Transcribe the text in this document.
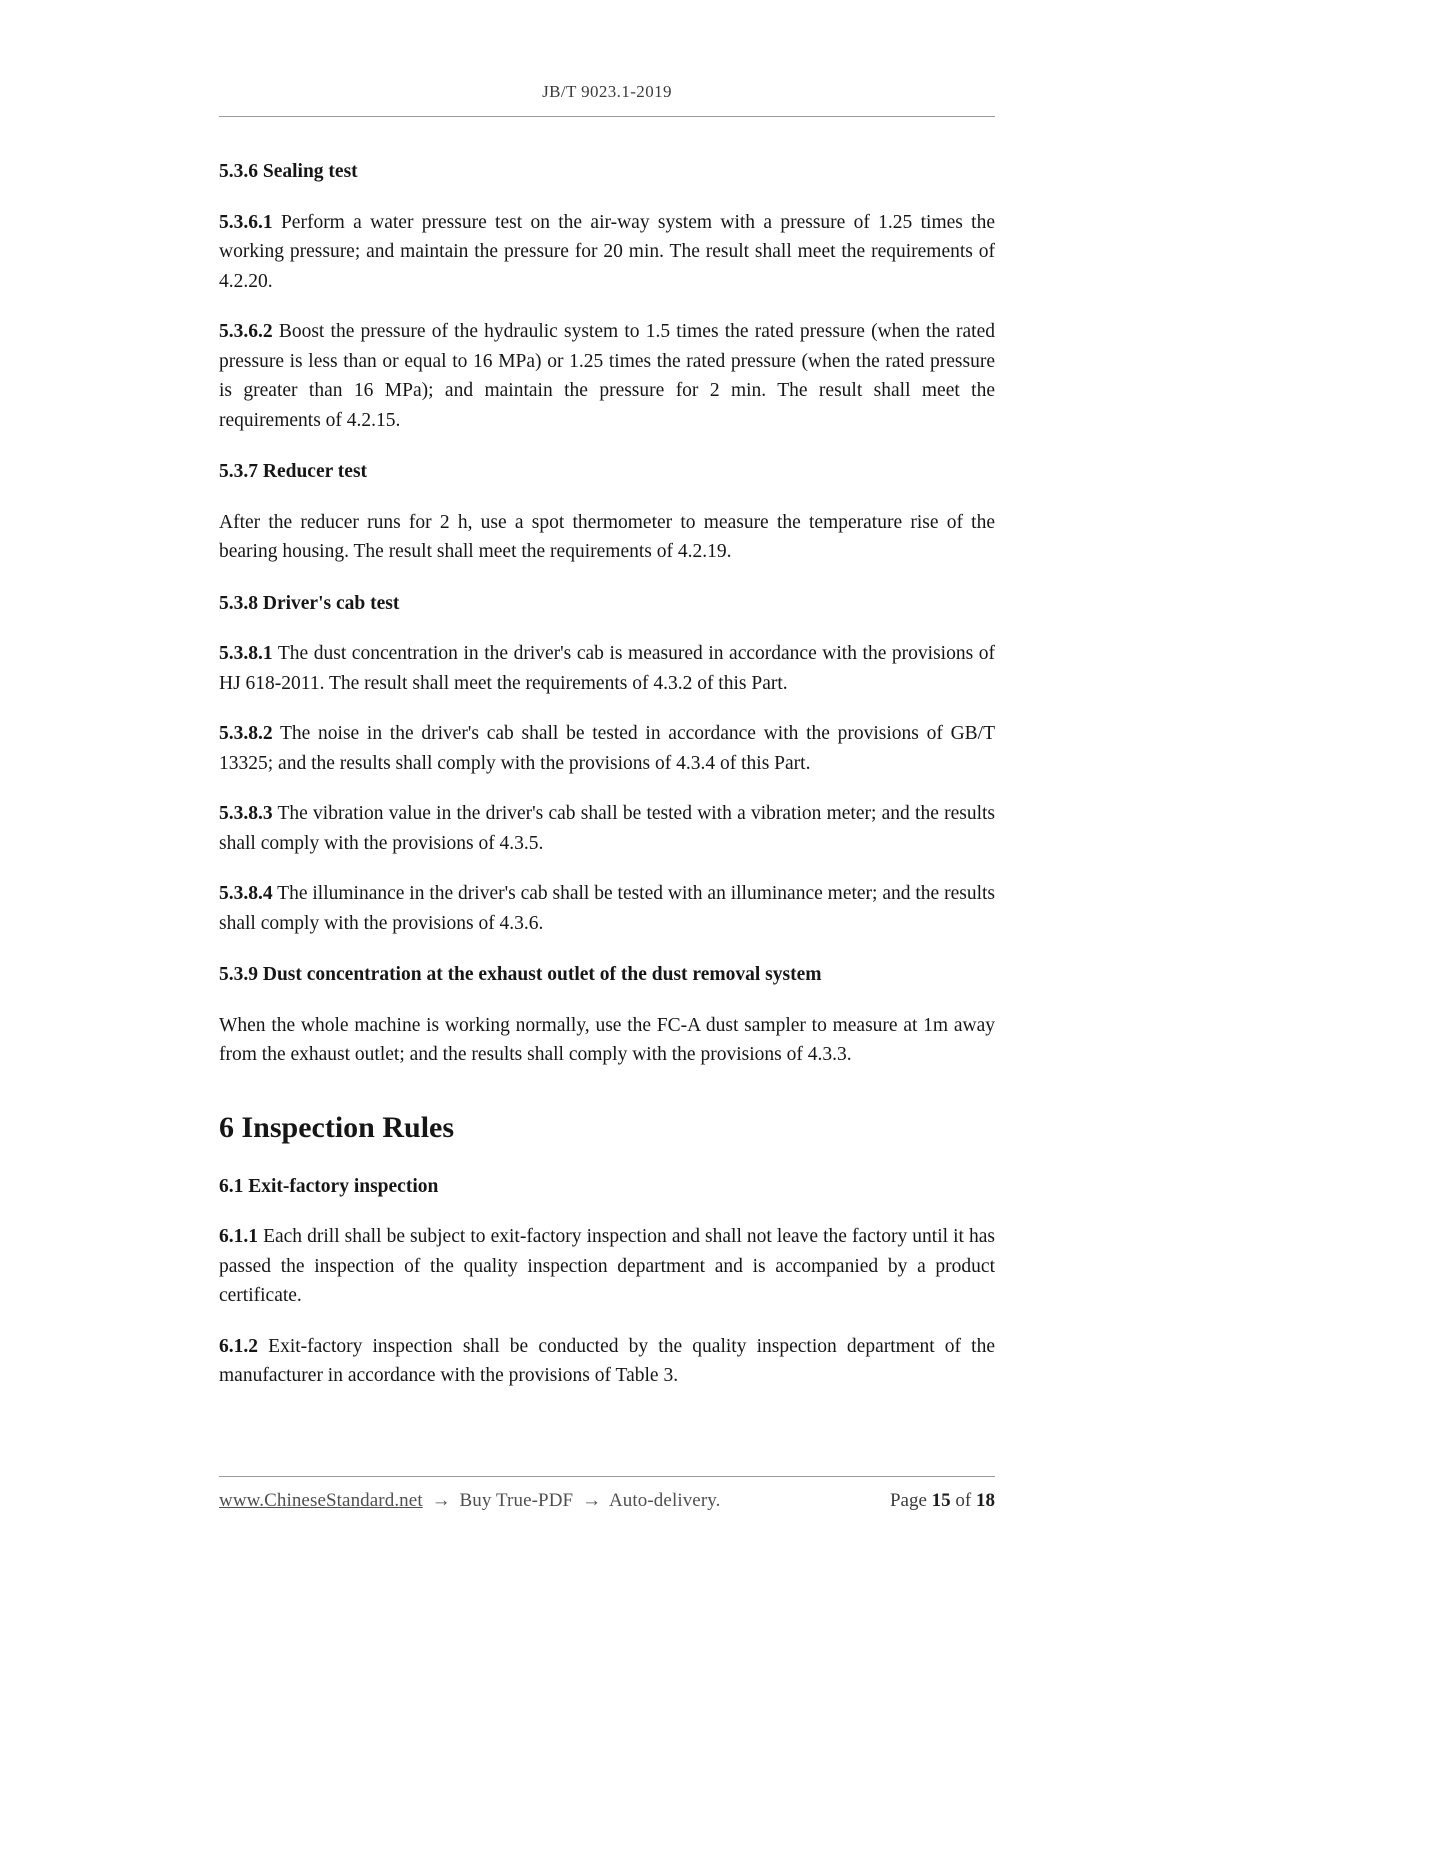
JB/T 9023.1-2019
5.3.6 Sealing test

5.3.6.1 Perform a water pressure test on the air-way system with a pressure of 1.25 times the working pressure; and maintain the pressure for 20 min. The result shall meet the requirements of 4.2.20.

5.3.6.2 Boost the pressure of the hydraulic system to 1.5 times the rated pressure (when the rated pressure is less than or equal to 16 MPa) or 1.25 times the rated pressure (when the rated pressure is greater than 16 MPa); and maintain the pressure for 2 min. The result shall meet the requirements of 4.2.15.

5.3.7 Reducer test

After the reducer runs for 2 h, use a spot thermometer to measure the temperature rise of the bearing housing. The result shall meet the requirements of 4.2.19.

5.3.8 Driver's cab test

5.3.8.1 The dust concentration in the driver's cab is measured in accordance with the provisions of HJ 618-2011. The result shall meet the requirements of 4.3.2 of this Part.

5.3.8.2 The noise in the driver's cab shall be tested in accordance with the provisions of GB/T 13325; and the results shall comply with the provisions of 4.3.4 of this Part.

5.3.8.3 The vibration value in the driver's cab shall be tested with a vibration meter; and the results shall comply with the provisions of 4.3.5.

5.3.8.4 The illuminance in the driver's cab shall be tested with an illuminance meter; and the results shall comply with the provisions of 4.3.6.

5.3.9 Dust concentration at the exhaust outlet of the dust removal system

When the whole machine is working normally, use the FC-A dust sampler to measure at 1m away from the exhaust outlet; and the results shall comply with the provisions of 4.3.3.

6 Inspection Rules
6.1 Exit-factory inspection

6.1.1 Each drill shall be subject to exit-factory inspection and shall not leave the factory until it has passed the inspection of the quality inspection department and is accompanied by a product certificate.

6.1.2 Exit-factory inspection shall be conducted by the quality inspection department of the manufacturer in accordance with the provisions of Table 3.

www.ChineseStandard.net → Buy True-PDF → Auto-delivery.	Page 15 of 18
